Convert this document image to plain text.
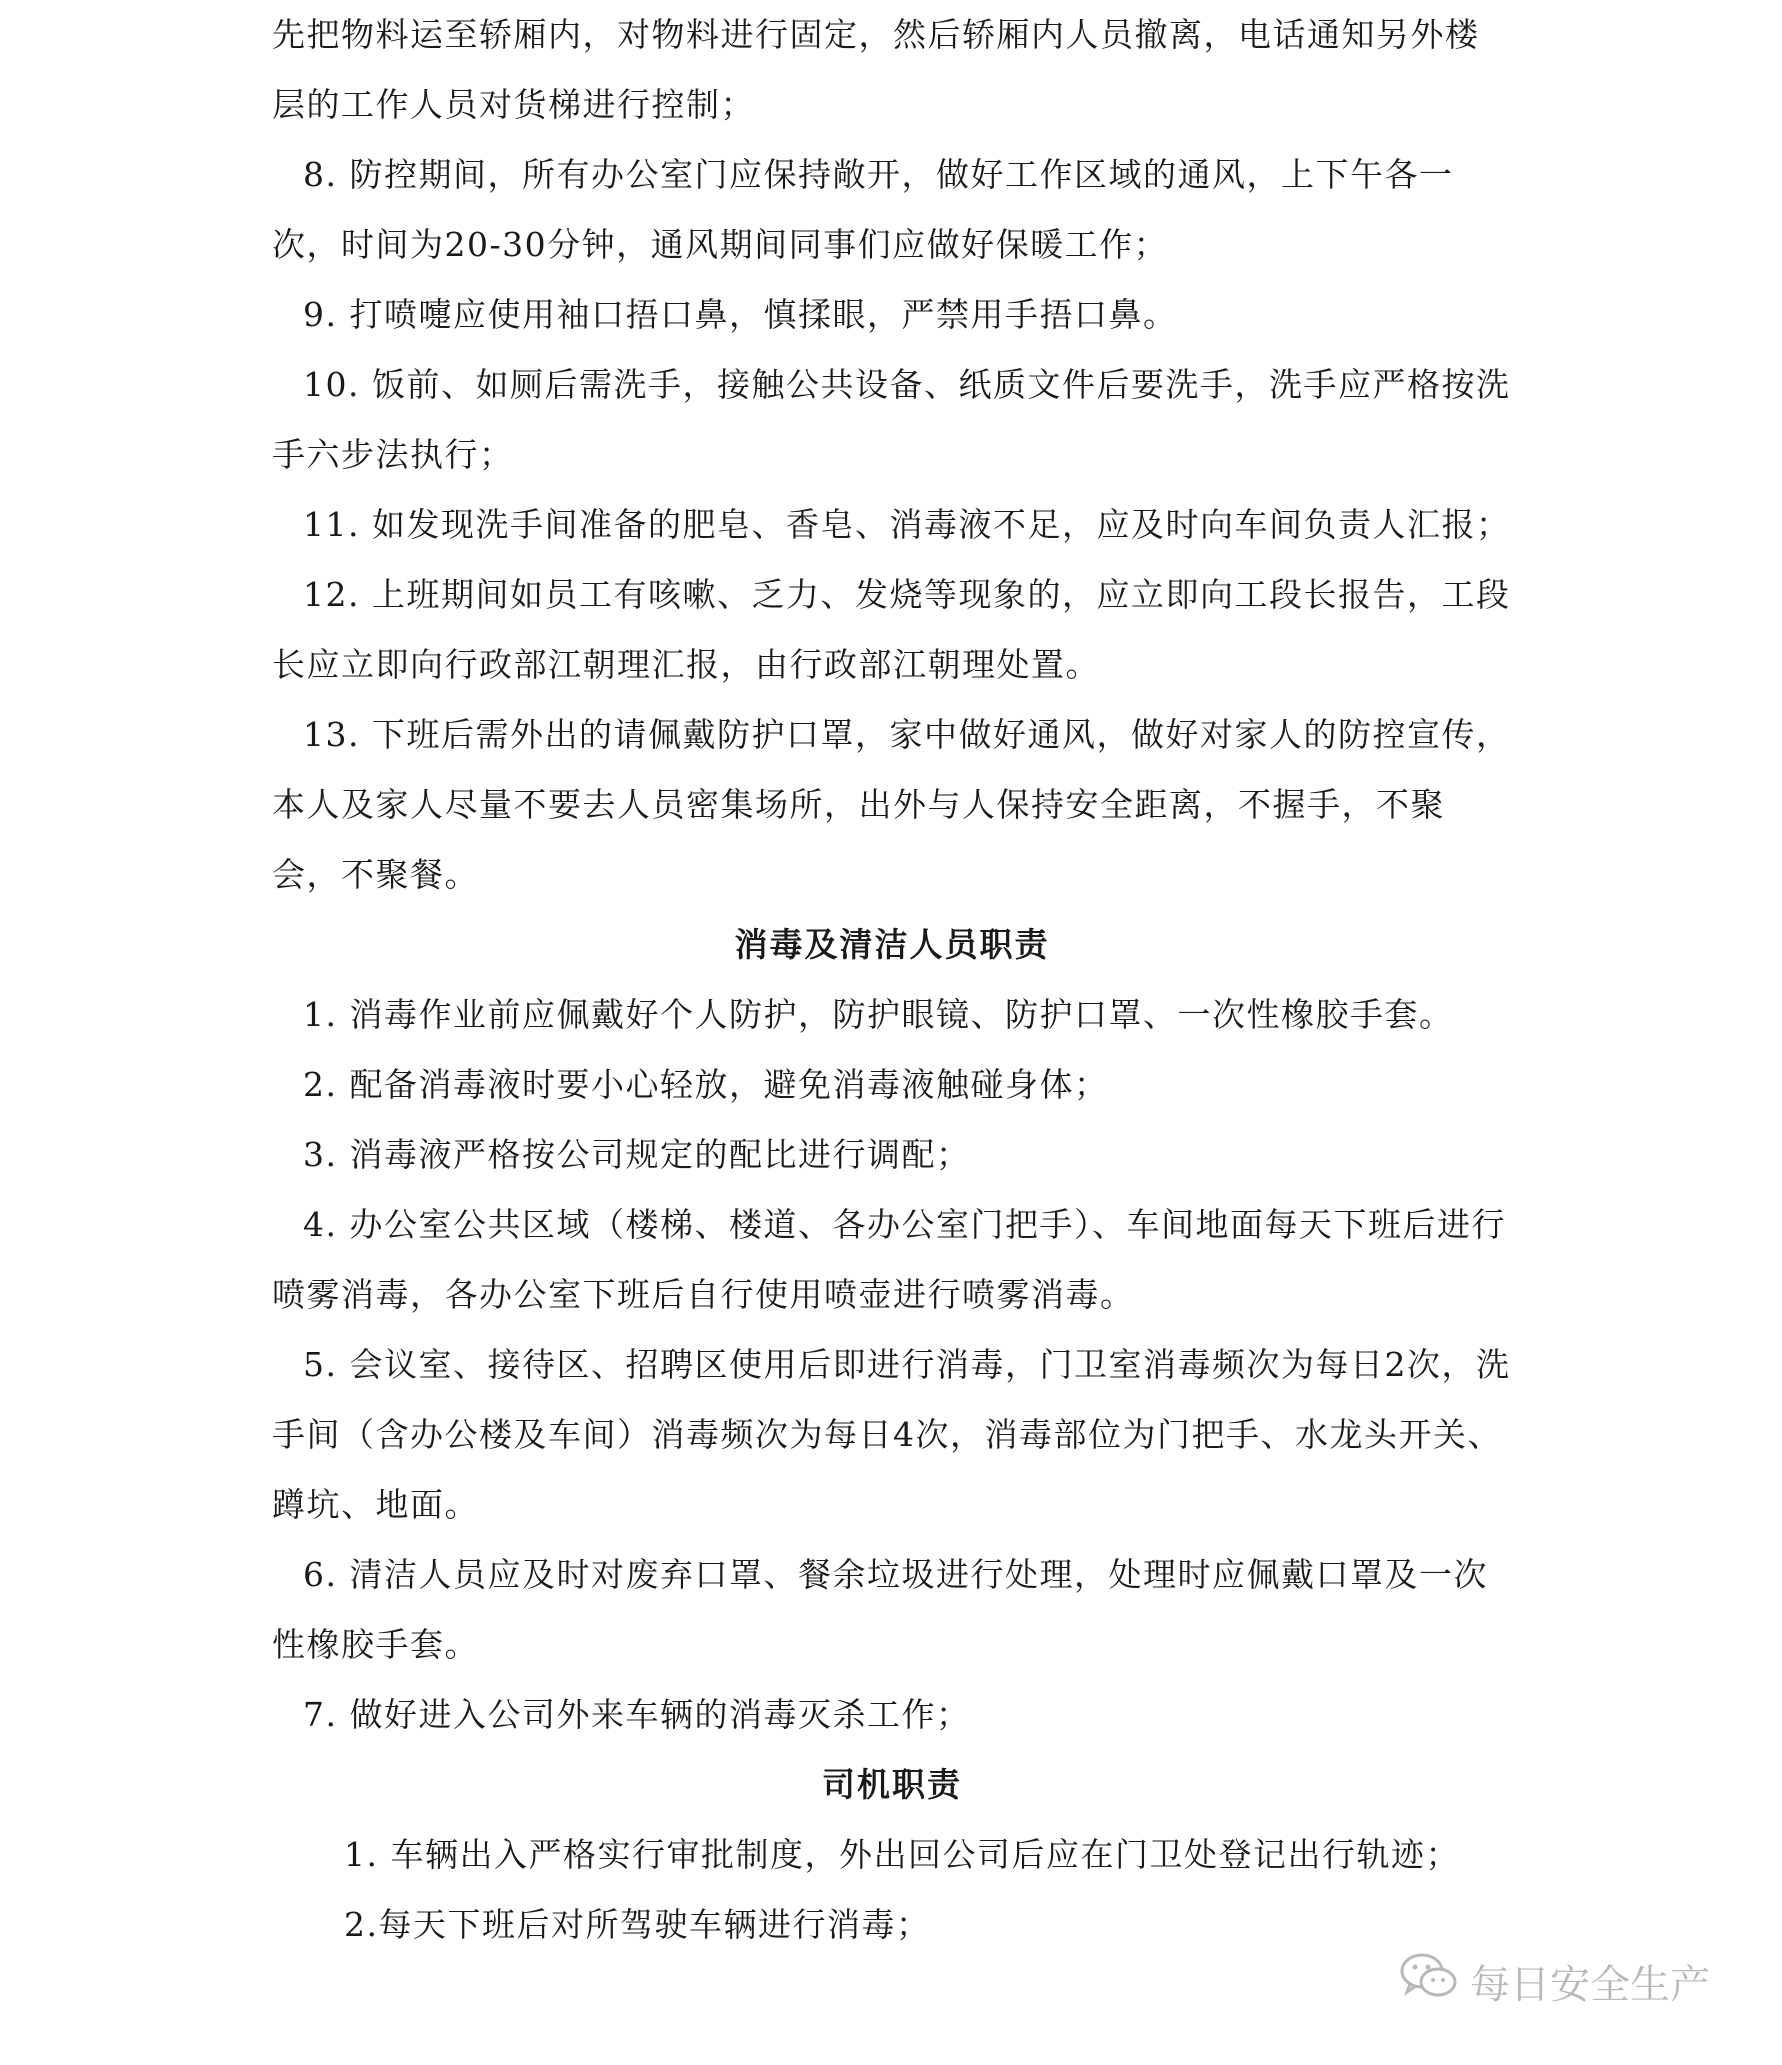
先把物料运至轿厢内，对物料进行固定，然后轿厢内人员撤离，电话通知另外楼层的工作人员对货梯进行控制；

8. 防控期间，所有办公室门应保持敞开，做好工作区域的通风，上下午各一次，时间为20-30分钟，通风期间同事们应做好保暖工作；

9. 打喷嚏应使用袖口捂口鼻，慎揉眼，严禁用手捂口鼻。

10. 饭前、如厕后需洗手，接触公共设备、纸质文件后要洗手，洗手应严格按洗手六步法执行；

11. 如发现洗手间准备的肥皂、香皂、消毒液不足，应及时向车间负责人汇报；

12. 上班期间如员工有咳嗽、乏力、发烧等现象的，应立即向工段长报告，工段长应立即向行政部江朝理汇报，由行政部江朝理处置。

13. 下班后需外出的请佩戴防护口罩，家中做好通风，做好对家人的防控宣传，本人及家人尽量不要去人员密集场所，出外与人保持安全距离，不握手，不聚会，不聚餐。

消毒及清洁人员职责

1. 消毒作业前应佩戴好个人防护，防护眼镜、防护口罩、一次性橡胶手套。

2. 配备消毒液时要小心轻放，避免消毒液触碰身体；

3. 消毒液严格按公司规定的配比进行调配；

4. 办公室公共区域（楼梯、楼道、各办公室门把手）、车间地面每天下班后进行喷雾消毒，各办公室下班后自行使用喷壶进行喷雾消毒。

5. 会议室、接待区、招聘区使用后即进行消毒，门卫室消毒频次为每日2次，洗手间（含办公楼及车间）消毒频次为每日4次，消毒部位为门把手、水龙头开关、蹲坑、地面。

6. 清洁人员应及时对废弃口罩、餐余垃圾进行处理，处理时应佩戴口罩及一次性橡胶手套。

7. 做好进入公司外来车辆的消毒灭杀工作；

司机职责

1. 车辆出入严格实行审批制度，外出回公司后应在门卫处登记出行轨迹；

2.每天下班后对所驾驶车辆进行消毒；

每日安全生产
